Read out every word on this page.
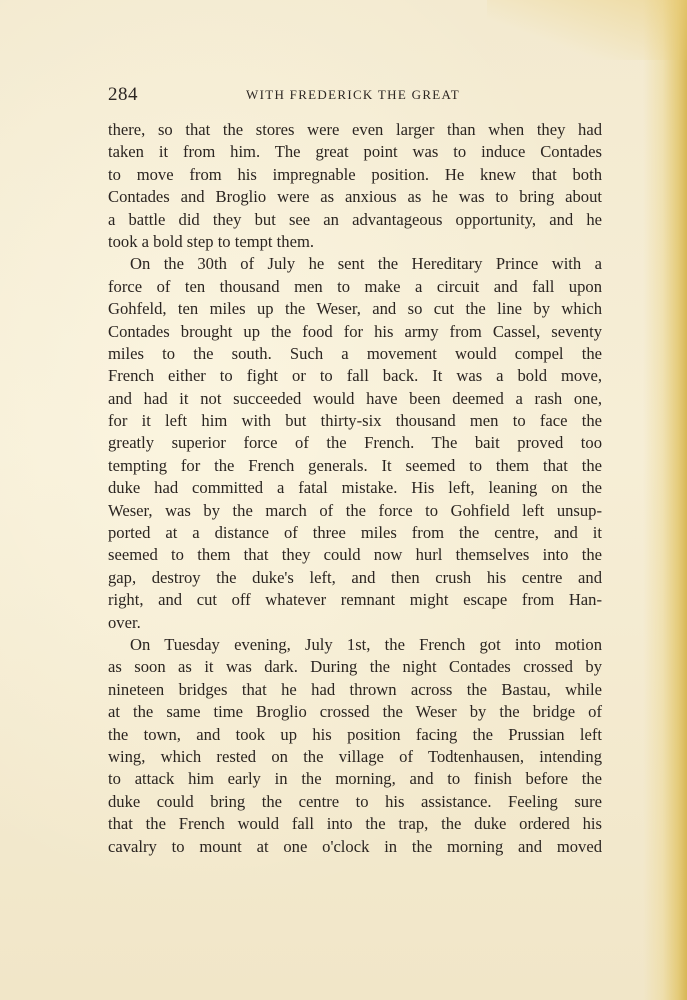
284	WITH FREDERICK THE GREAT
there, so that the stores were even larger than when they had
taken it from him. The great point was to induce Contades
to move from his impregnable position. He knew that both
Contades and Broglio were as anxious as he was to bring about
a battle did they but see an advantageous opportunity, and he
took a bold step to tempt them.
On the 30th of July he sent the Hereditary Prince with a
force of ten thousand men to make a circuit and fall upon
Gohfeld, ten miles up the Weser, and so cut the line by which
Contades brought up the food for his army from Cassel, seventy
miles to the south. Such a movement would compel the
French either to fight or to fall back. It was a bold move,
and had it not succeeded would have been deemed a rash one,
for it left him with but thirty-six thousand men to face the
greatly superior force of the French. The bait proved too
tempting for the French generals. It seemed to them that the
duke had committed a fatal mistake. His left, leaning on the
Weser, was by the march of the force to Gohfield left unsup-
ported at a distance of three miles from the centre, and it
seemed to them that they could now hurl themselves into the
gap, destroy the duke's left, and then crush his centre and
right, and cut off whatever remnant might escape from Han-
over.
On Tuesday evening, July 1st, the French got into motion
as soon as it was dark. During the night Contades crossed by
nineteen bridges that he had thrown across the Bastau, while
at the same time Broglio crossed the Weser by the bridge of
the town, and took up his position facing the Prussian left
wing, which rested on the village of Todtenhausen, intending
to attack him early in the morning, and to finish before the
duke could bring the centre to his assistance. Feeling sure
that the French would fall into the trap, the duke ordered his
cavalry to mount at one o'clock in the morning and moved
